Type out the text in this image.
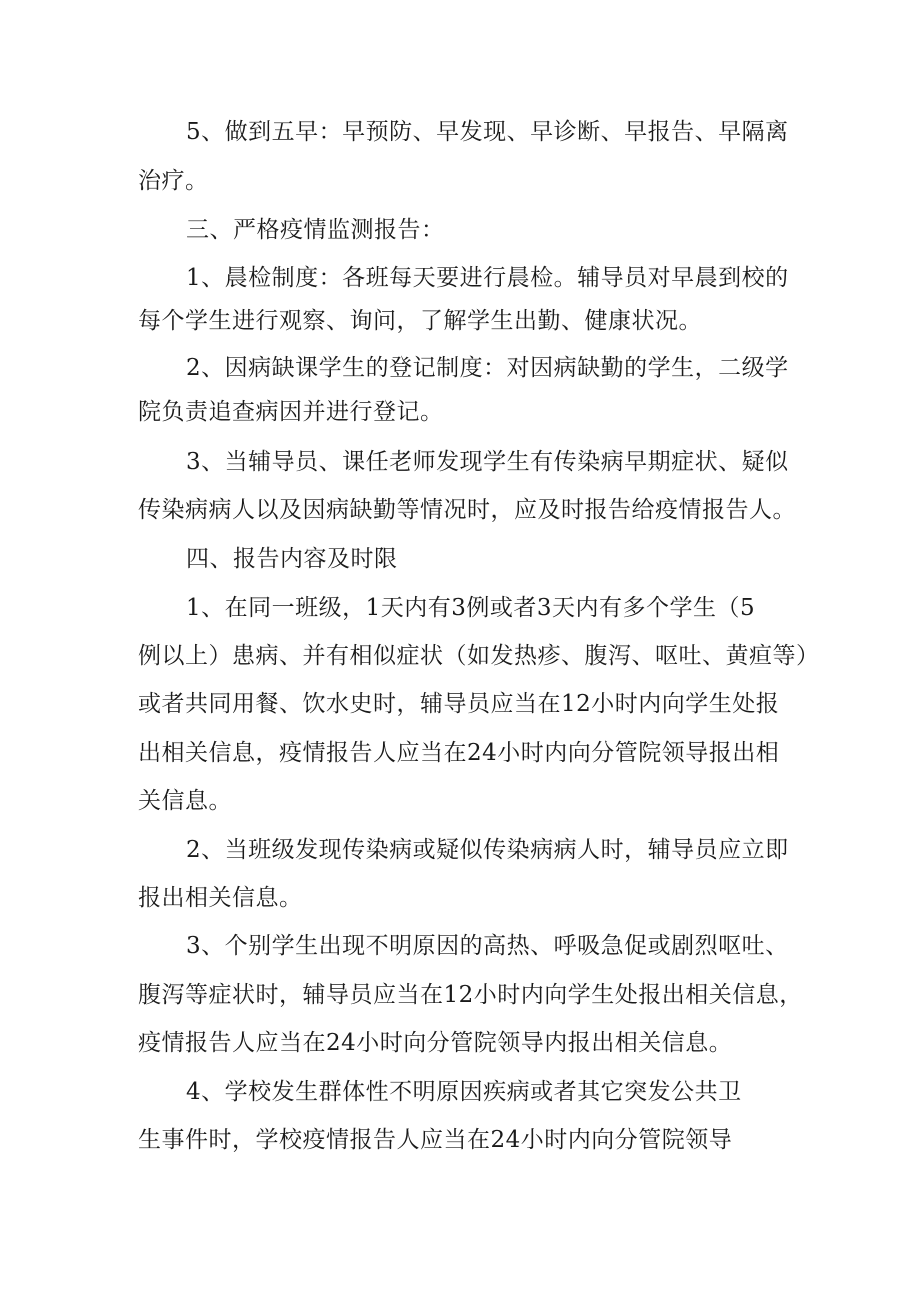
5、做到五早：早预防、早发现、早诊断、早报告、早隔离
治疗。
三、严格疫情监测报告：
1、晨检制度：各班每天要进行晨检。辅导员对早晨到校的
每个学生进行观察、询问，了解学生出勤、健康状况。
2、因病缺课学生的登记制度：对因病缺勤的学生，二级学
院负责追查病因并进行登记。
3、当辅导员、课任老师发现学生有传染病早期症状、疑似
传染病病人以及因病缺勤等情况时，应及时报告给疫情报告人。
四、报告内容及时限
1、在同一班级，1天内有3例或者3天内有多个学生（5
例以上）患病、并有相似症状（如发热疹、腹泻、呕吐、黄疸等）
或者共同用餐、饮水史时，辅导员应当在12小时内向学生处报
出相关信息，疫情报告人应当在24小时内向分管院领导报出相
关信息。
2、当班级发现传染病或疑似传染病病人时，辅导员应立即
报出相关信息。
3、个别学生出现不明原因的高热、呼吸急促或剧烈呕吐、
腹泻等症状时，辅导员应当在12小时内向学生处报出相关信息，
疫情报告人应当在24小时向分管院领导内报出相关信息。
4、学校发生群体性不明原因疾病或者其它突发公共卫
生事件时，学校疫情报告人应当在24小时内向分管院领导
